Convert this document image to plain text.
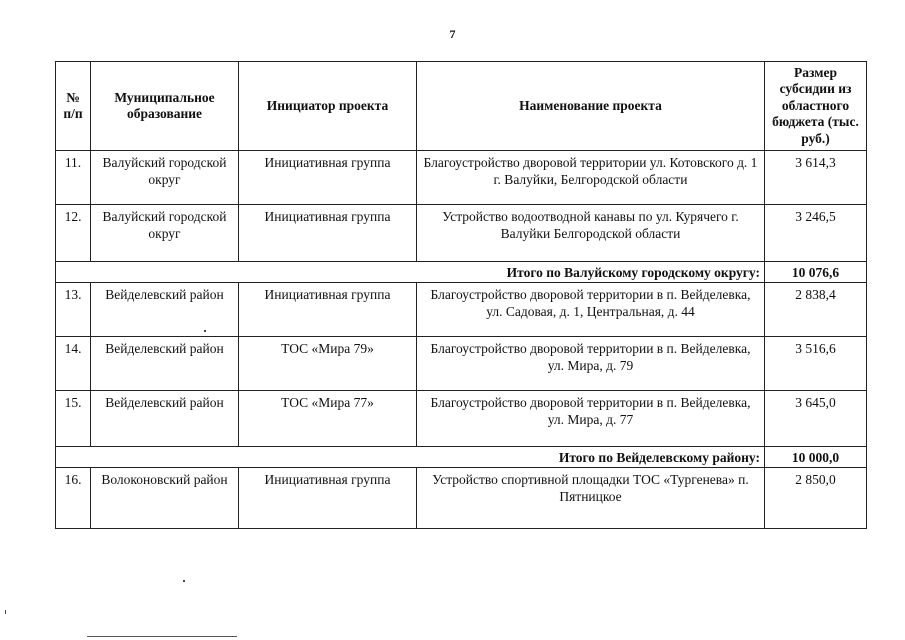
7
№ п/п	Муниципальное образование	Инициатор проекта	Наименование проекта	Размер субсидии из областного бюджета (тыс. руб.)
11.	Валуйский городской округ	Инициативная группа	Благоустройство дворовой территории ул. Котовского д. 1 г. Валуйки, Белгородской области	3 614,3
12.	Валуйский городской округ	Инициативная группа	Устройство водоотводной канавы по ул. Курячего г. Валуйки Белгородской области	3 246,5
Итого по Валуйскому городскому округу:				10 076,6
13.	Вейделевский район	Инициативная группа	Благоустройство дворовой территории в п. Вейделевка, ул. Садовая, д. 1, Центральная, д. 44	2 838,4
14.	Вейделевский район	ТОС «Мира 79»	Благоустройство дворовой территории в п. Вейделевка, ул. Мира, д. 79	3 516,6
15.	Вейделевский район	ТОС «Мира 77»	Благоустройство дворовой территории в п. Вейделевка, ул. Мира, д. 77	3 645,0
Итого по Вейделевскому району:				10 000,0
16.	Волоконовский район	Инициативная группа	Устройство спортивной площадки ТОС «Тургенева» п. Пятницкое	2 850,0
